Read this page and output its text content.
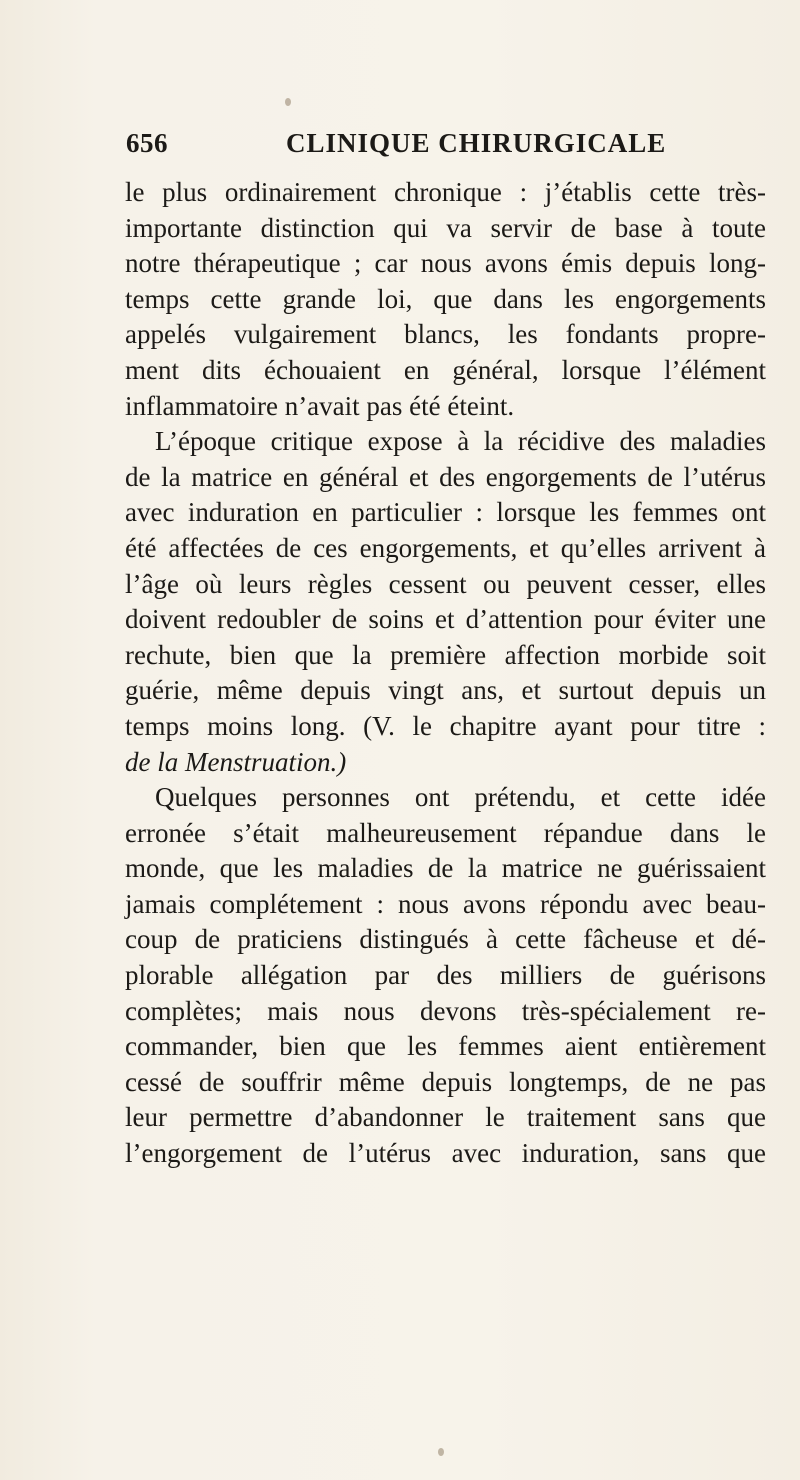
656	CLINIQUE CHIRURGICALE
le plus ordinairement chronique : j’établis cette très-
importante distinction qui va servir de base à toute
notre thérapeutique ; car nous avons émis depuis long-
temps cette grande loi, que dans les engorgements
appelés vulgairement blancs, les fondants propre-
ment dits échouaient en général, lorsque l’élément
inflammatoire n’avait pas été éteint.
L’époque critique expose à la récidive des maladies
de la matrice en général et des engorgements de l’utérus
avec induration en particulier : lorsque les femmes ont
été affectées de ces engorgements, et qu’elles arrivent à
l’âge où leurs règles cessent ou peuvent cesser, elles
doivent redoubler de soins et d’attention pour éviter une
rechute, bien que la première affection morbide soit
guérie, même depuis vingt ans, et surtout depuis un
temps moins long. (V. le chapitre ayant pour titre :
de la Menstruation.)
Quelques personnes ont prétendu, et cette idée
erronée s’était malheureusement répandue dans le
monde, que les maladies de la matrice ne guérissaient
jamais complétement : nous avons répondu avec beau-
coup de praticiens distingués à cette fâcheuse et dé-
plorable allégation par des milliers de guérisons
complètes; mais nous devons très-spécialement re-
commander, bien que les femmes aient entièrement
cessé de souffrir même depuis longtemps, de ne pas
leur permettre d’abandonner le traitement sans que
l’engorgement de l’utérus avec induration, sans que
